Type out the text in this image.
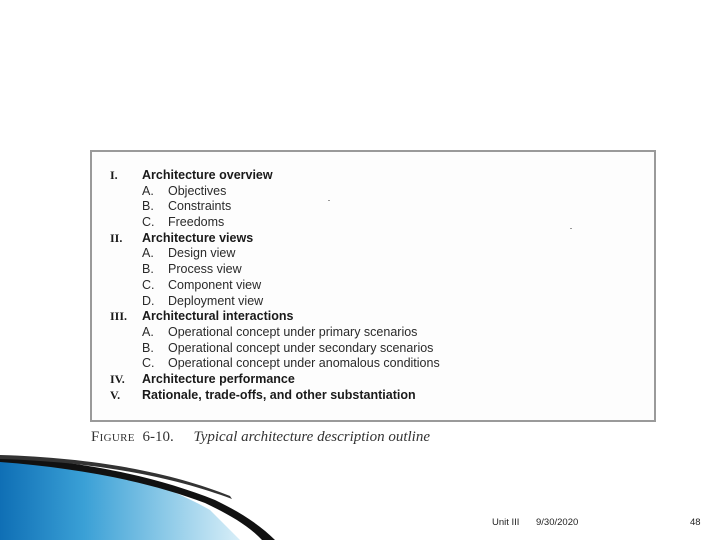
I. Architecture overview
A. Objectives
B. Constraints
C. Freedoms
II. Architecture views
A. Design view
B. Process view
C. Component view
D. Deployment view
III. Architectural interactions
A. Operational concept under primary scenarios
B. Operational concept under secondary scenarios
C. Operational concept under anomalous conditions
IV. Architecture performance
V. Rationale, trade-offs, and other substantiation
Figure 6-10. Typical architecture description outline
Unit III 9/30/2020	48
